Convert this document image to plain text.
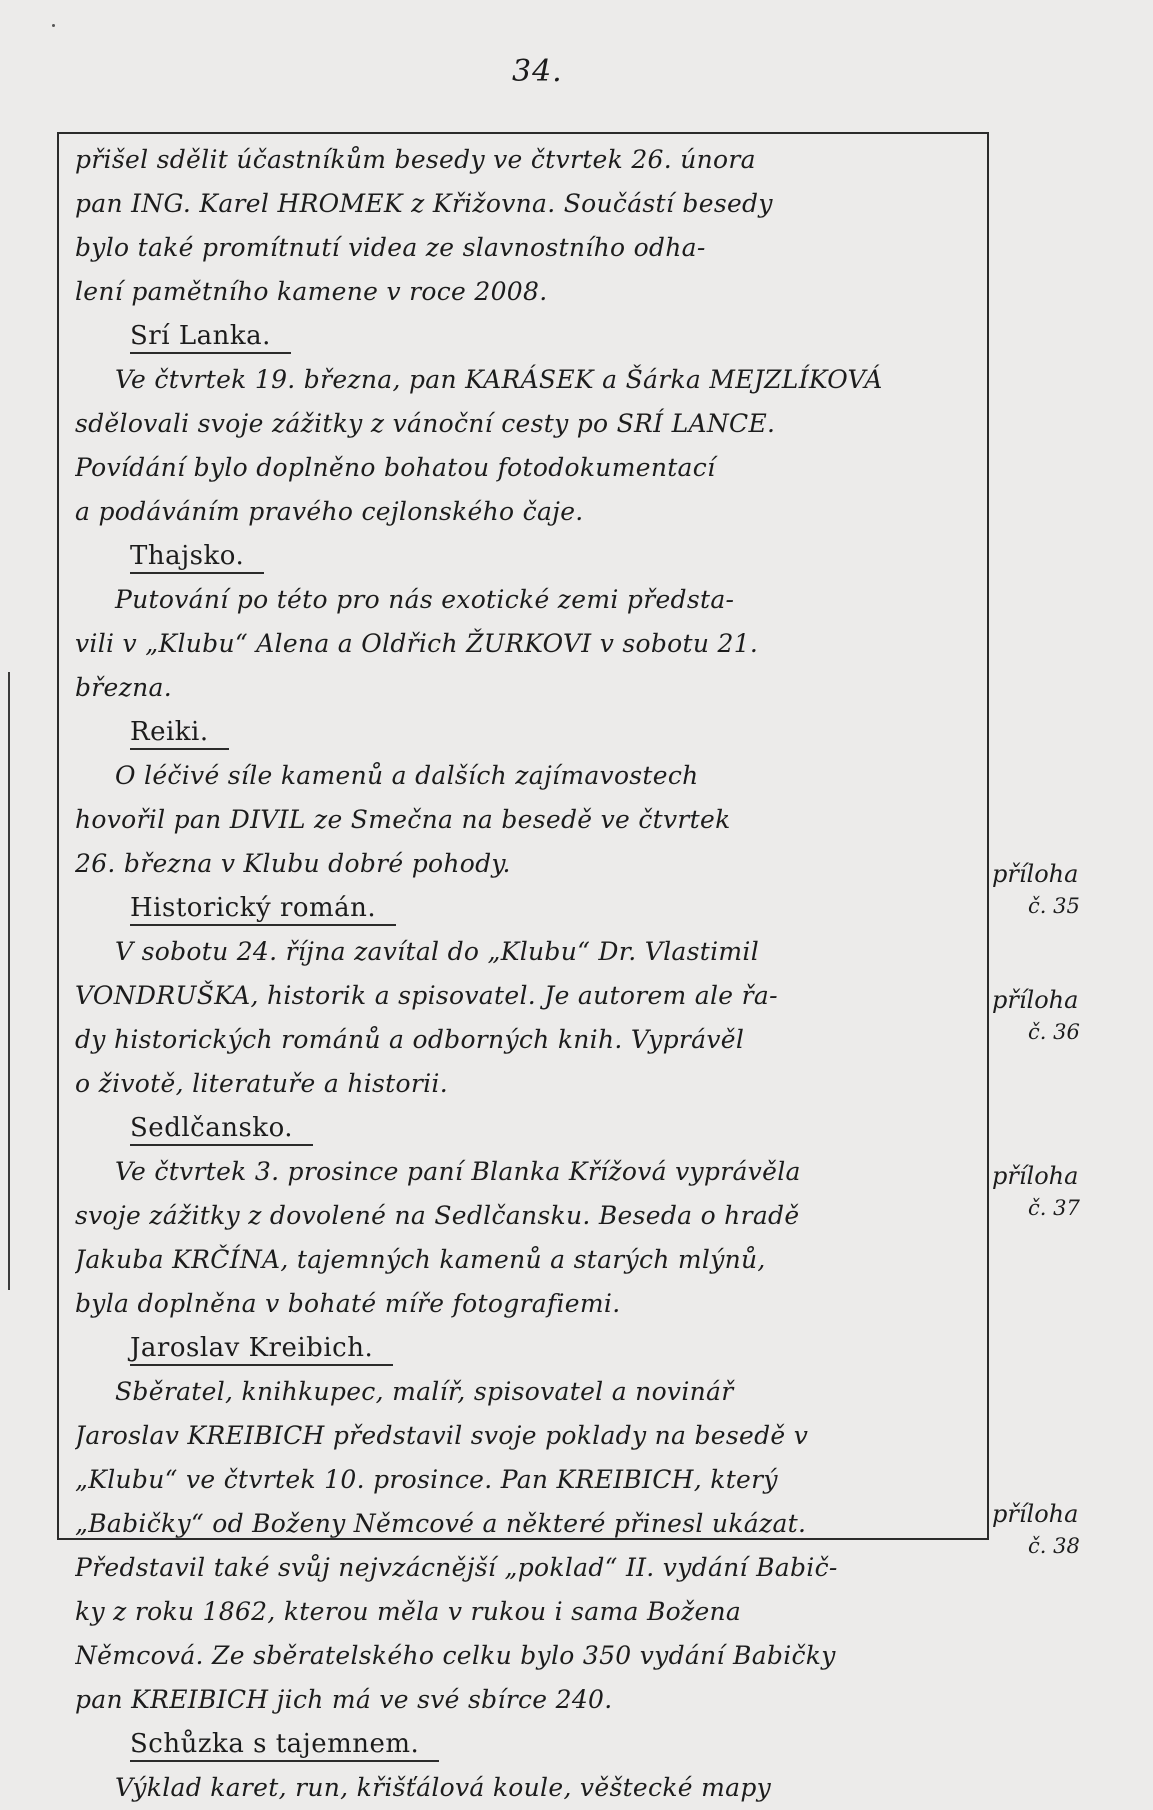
34.
přišel sdělit účastníkům besedy ve čtvrtek 26. února
pan ING. Karel HROMEK z Křižovna. Součástí besedy
bylo také promítnutí videa ze slavnostního odha-
lení pamětního kamene v roce 2008.
Srí Lanka.
Ve čtvrtek 19. března, pan KARÁSEK a Šárka MEJZLÍKOVÁ
sdělovali svoje zážitky z vánoční cesty po SRÍ LANCE.
Povídání bylo doplněno bohatou fotodokumentací
a podáváním pravého cejlonského čaje.
Thajsko.
Putování po této pro nás exotické zemi předsta-
vili v „Klubu“ Alena a Oldřich ŽURKOVI v sobotu 21.
března.
Reiki.
O léčivé síle kamenů a dalších zajímavostech
hovořil pan DIVIL ze Smečna na besedě ve čtvrtek
26. března v Klubu dobré pohody.
Historický román.
V sobotu 24. října zavítal do „Klubu“ Dr. Vlastimil
VONDRUŠKA, historik a spisovatel. Je autorem ale řa-
dy historických románů a odborných knih. Vyprávěl
o životě, literatuře a historii.
Sedlčansko.
Ve čtvrtek 3. prosince paní Blanka Křížová vyprávěla
svoje zážitky z dovolené na Sedlčansku. Beseda o hradě
Jakuba KRČÍNA, tajemných kamenů a starých mlýnů,
byla doplněna v bohaté míře fotografiemi.
Jaroslav Kreibich.
Sběratel, knihkupec, malíř, spisovatel a novinář
Jaroslav KREIBICH představil svoje poklady na besedě v
„Klubu“ ve čtvrtek 10. prosince. Pan KREIBICH, který
„Babičky“ od Boženy Němcové a některé přinesl ukázat.
Představil také svůj nejvzácnější „poklad“ II. vydání Babič-
ky z roku 1862, kterou měla v rukou i sama Božena
Němcová. Ze sběratelského celku bylo 350 vydání Babičky
pan KREIBICH jich má ve své sbírce 240.
Schůzka s tajemnem.
Výklad karet, run, křišťálová koule, věštecké mapy
příloha
č. 35
příloha
č. 36
příloha
č. 37
příloha
č. 38
